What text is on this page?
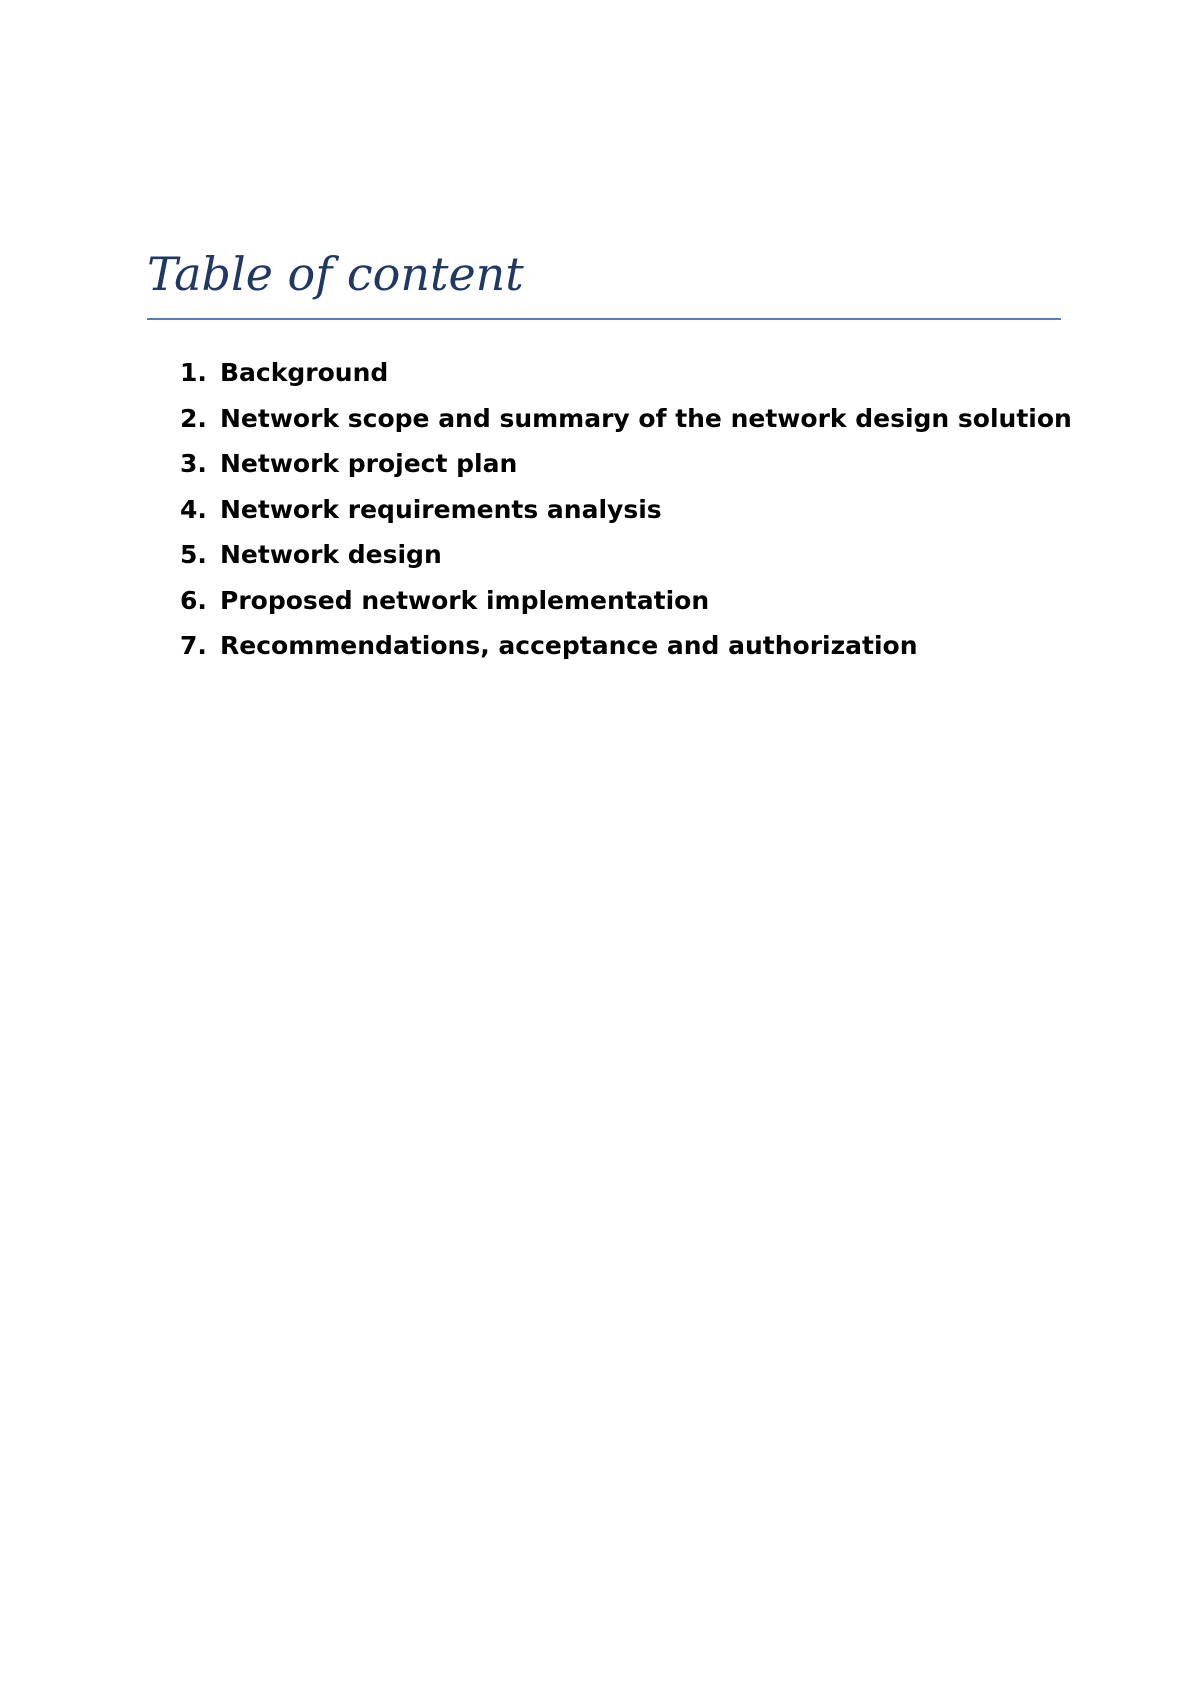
Table of content
1. Background
2. Network scope and summary of the network design solution
3. Network project plan
4. Network requirements analysis
5. Network design
6. Proposed network implementation
7. Recommendations, acceptance and authorization
